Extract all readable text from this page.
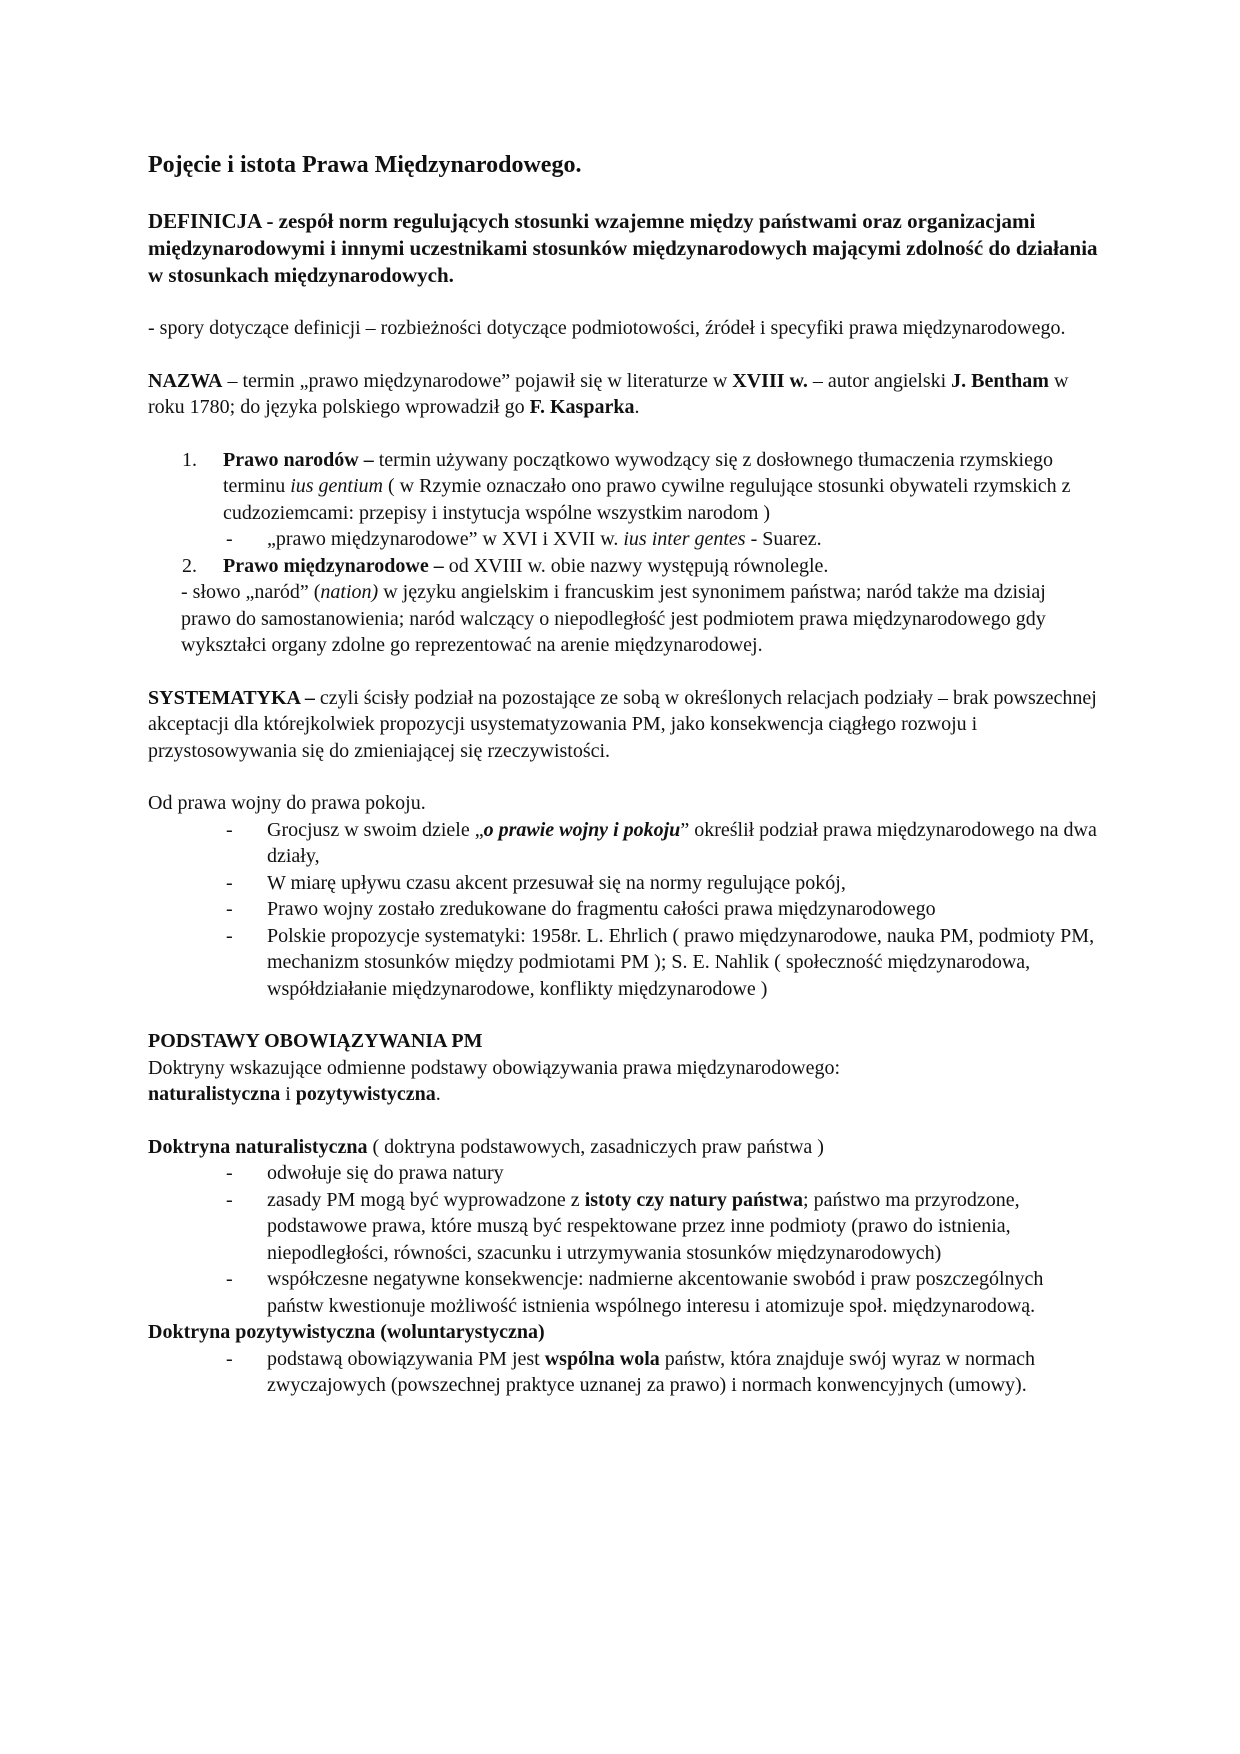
Pojęcie i istota Prawa Międzynarodowego.

DEFINICJA - zespół norm regulujących stosunki wzajemne między państwami oraz organizacjami międzynarodowymi i innymi uczestnikami stosunków międzynarodowych mającymi zdolność do działania w stosunkach międzynarodowych.

- spory dotyczące definicji – rozbieżności dotyczące podmiotowości, źródeł i specyfiki prawa międzynarodowego.

NAZWA – termin „prawo międzynarodowe” pojawił się w literaturze w XVIII w. – autor angielski J. Bentham w roku 1780; do języka polskiego wprowadził go F. Kasparka.

1. Prawo narodów – termin używany początkowo wywodzący się z dosłownego tłumaczenia rzymskiego terminu ius gentium ( w Rzymie oznaczało ono prawo cywilne regulujące stosunki obywateli rzymskich z cudzoziemcami: przepisy i instytucja wspólne wszystkim narodom )
- „prawo międzynarodowe” w XVI i XVII w. ius inter gentes - Suarez.
2. Prawo międzynarodowe – od XVIII w. obie nazwy występują równolegle.

- słowo „naród” (nation) w języku angielskim i francuskim jest synonimem państwa; naród także ma dzisiaj prawo do samostanowienia; naród walczący o niepodległość jest podmiotem prawa międzynarodowego gdy wykształci organy zdolne go reprezentować na arenie międzynarodowej.

SYSTEMATYKA – czyli ścisły podział na pozostające ze sobą w określonych relacjach podziały – brak powszechnej akceptacji dla którejkolwiek propozycji usystematyzowania PM, jako konsekwencja ciągłego rozwoju i przystosowywania się do zmieniającej się rzeczywistości.

Od prawa wojny do prawa pokoju.

- Grocjusz w swoim dziele „o prawie wojny i pokoju” określił podział prawa międzynarodowego na dwa działy,
- W miarę upływu czasu akcent przesuwał się na normy regulujące pokój,
- Prawo wojny zostało zredukowane do fragmentu całości prawa międzynarodowego
- Polskie propozycje systematyki: 1958r. L. Ehrlich ( prawo międzynarodowe, nauka PM, podmioty PM, mechanizm stosunków między podmiotami PM ); S. E. Nahlik ( społeczność międzynarodowa, współdziałanie międzynarodowe, konflikty międzynarodowe )

PODSTAWY OBOWIĄZYWANIA PM

Doktryny wskazujące odmienne podstawy obowiązywania prawa międzynarodowego:
naturalistyczna i pozytywistyczna.

Doktryna naturalistyczna ( doktryna podstawowych, zasadniczych praw państwa )

- odwołuje się do prawa natury
- zasady PM mogą być wyprowadzone z istoty czy natury państwa; państwo ma przyrodzone, podstawowe prawa, które muszą być respektowane przez inne podmioty (prawo do istnienia, niepodległości, równości, szacunku i utrzymywania stosunków międzynarodowych)
- współczesne negatywne konsekwencje: nadmierne akcentowanie swobód i praw poszczególnych państw kwestionuje możliwość istnienia wspólnego interesu i atomizuje społ. międzynarodową.

Doktryna pozytywistyczna (woluntarystyczna)

- podstawą obowiązywania PM jest wspólna wola państw, która znajduje swój wyraz w normach zwyczajowych (powszechnej praktyce uznanej za prawo) i normach konwencyjnych (umowy).
